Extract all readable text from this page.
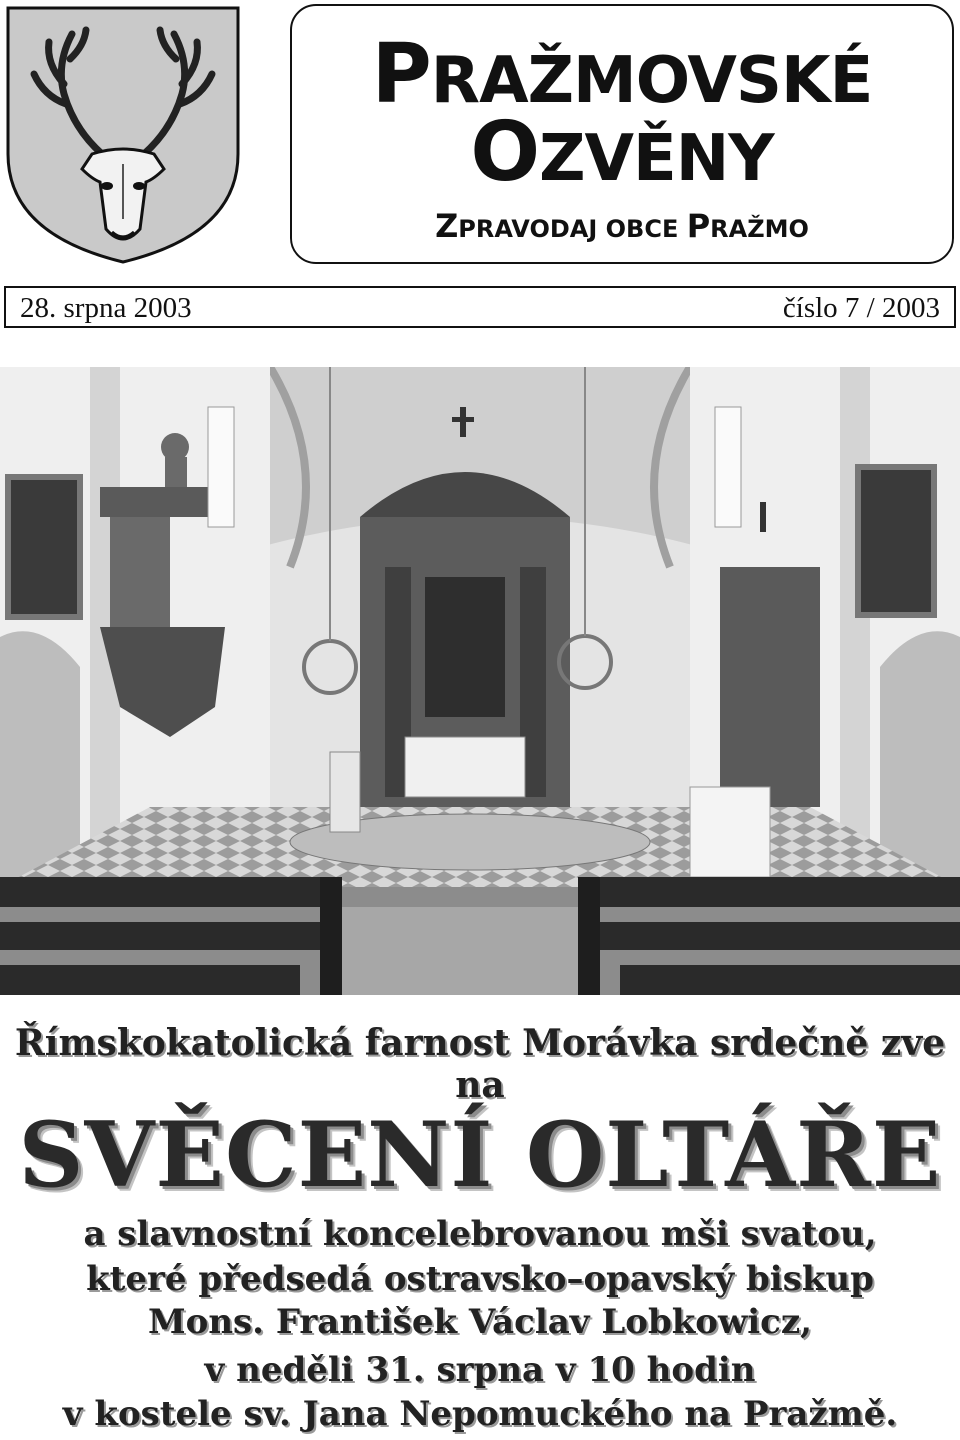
PRAŽMOVSKÉ
OZVĚNY
ZPRAVODAJ OBCE PRAŽMO
28. srpna 2003	číslo 7 / 2003
Římskokatolická farnost Morávka srdečně zve na
SVĚCENÍ OLTÁŘE
a slavnostní koncelebrovanou mši svatou,
které předsedá ostravsko–opavský biskup
Mons. František Václav Lobkowicz,
v neděli 31. srpna v 10 hodin
v kostele sv. Jana Nepomuckého na Pražmě.
